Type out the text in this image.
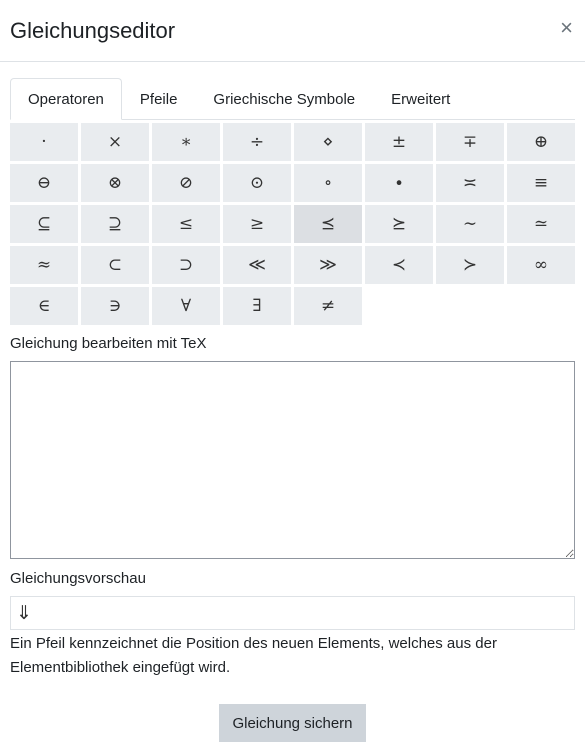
Gleichungseditor	×
Operatoren	Pfeile	Griechische Symbole	Erweitert
·	×	∗	÷	⋄	±	∓	⊕
⊖	⊗	⊘	⊙	∘	∙	≍	≡
⊆	⊇	≤	≥	⪯	⪰	∼	≃
≈	⊂	⊃	≪	≫	≺	≻	∞
∈	∋	∀	∃	≠
Gleichung bearbeiten mit TeX
Gleichungsvorschau
⇓

Ein Pfeil kennzeichnet die Position des neuen Elements, welches aus der Elementbibliothek eingefügt wird.

Gleichung sichern
